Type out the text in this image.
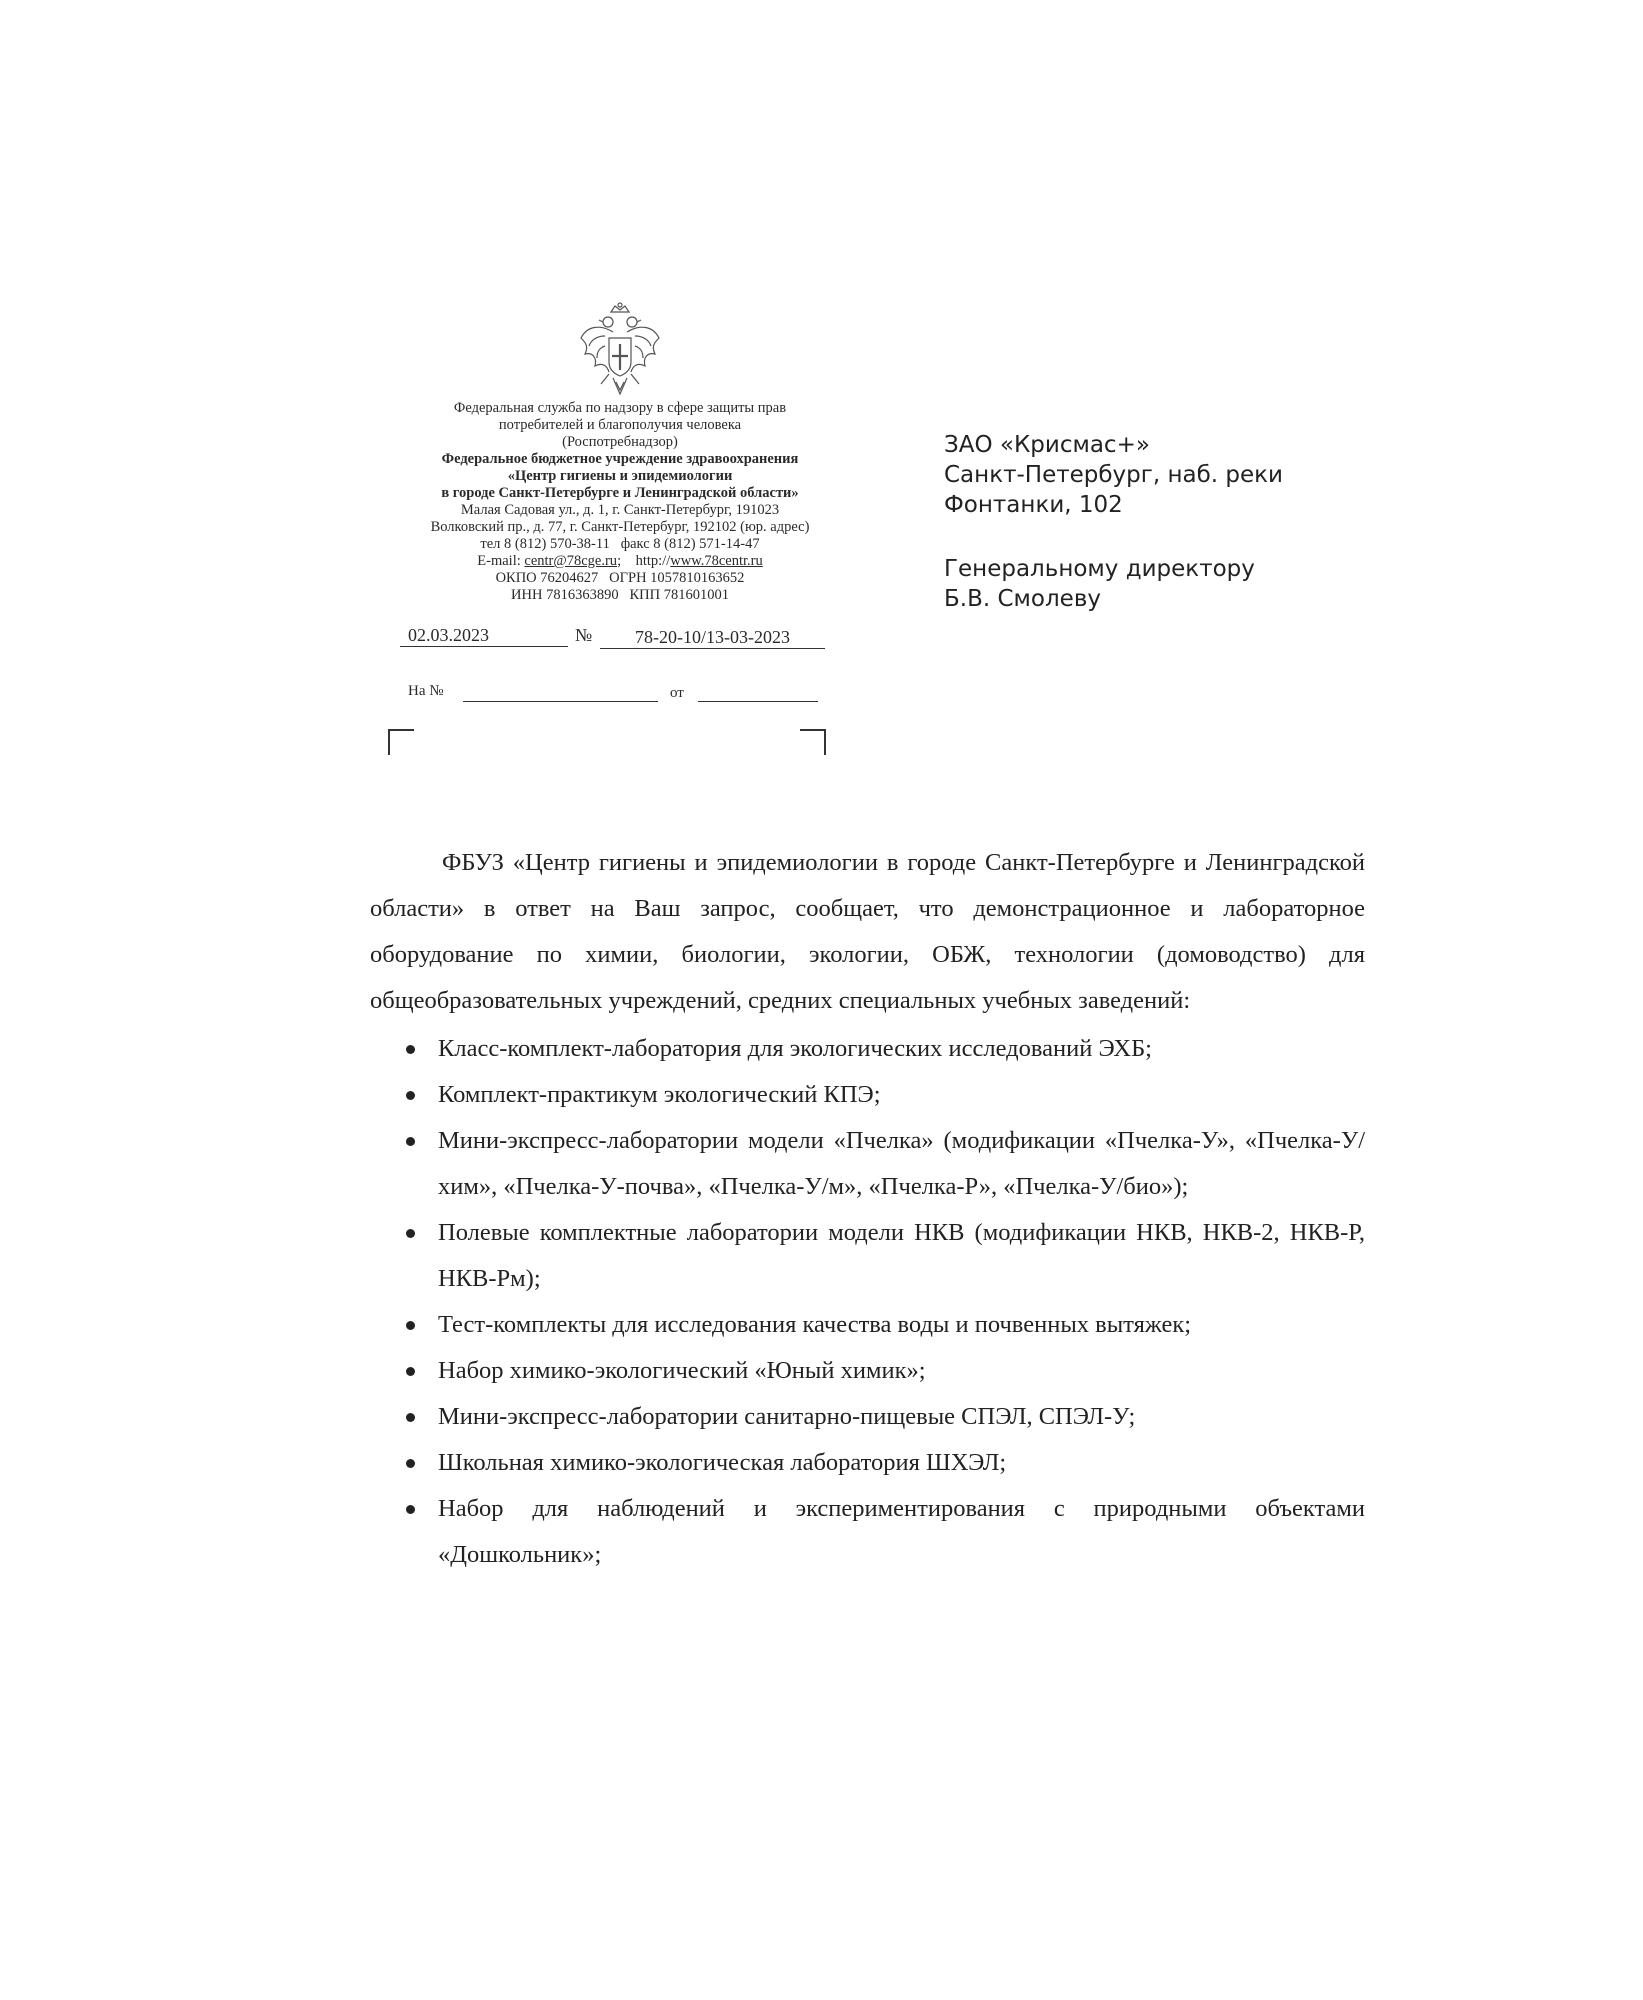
Федеральная служба по надзору в сфере защиты прав
потребителей и благополучия человека
(Роспотребнадзор)
Федеральное бюджетное учреждение здравоохранения
«Центр гигиены и эпидемиологии
в городе Санкт-Петербурге и Ленинградской области»
Малая Садовая ул., д. 1, г. Санкт-Петербург, 191023
Волковский пр., д. 77, г. Санкт-Петербург, 192102 (юр. адрес)
тел 8 (812) 570-38-11 факс 8 (812) 571-14-47
E-mail: centr@78cge.ru; http://www.78centr.ru
ОКПО 76204627 ОГРН 1057810163652
ИНН 7816363890 КПП 781601001
02.03.2023	№	78-20-10/13-03-2023
На №	от
ЗАО «Крисмас+»
Санкт-Петербург, наб. реки
Фонтанки, 102
Генеральному директору
Б.В. Смолеву

ФБУЗ «Центр гигиены и эпидемиологии в городе Санкт-Петербурге и Ленинградской области» в ответ на Ваш запрос, сообщает, что демонстрационное и лабораторное оборудование по химии, биологии, экологии, ОБЖ, технологии (домоводство) для общеобразовательных учреждений, средних специальных учебных заведений:

Класс-комплект-лаборатория для экологических исследований ЭХБ;
Комплект-практикум экологический КПЭ;
Мини-экспресс-лаборатории модели «Пчелка» (модификации «Пчелка-У», «Пчелка-У/хим», «Пчелка-У-почва», «Пчелка-У/м», «Пчелка-Р», «Пчелка-У/био»);
Полевые комплектные лаборатории модели НКВ (модификации НКВ, НКВ-2, НКВ-Р, НКВ-Рм);
Тест-комплекты для исследования качества воды и почвенных вытяжек;
Набор химико-экологический «Юный химик»;
Мини-экспресс-лаборатории санитарно-пищевые СПЭЛ, СПЭЛ-У;
Школьная химико-экологическая лаборатория ШХЭЛ;
Набор для наблюдений и экспериментирования с природными объектами «Дошкольник»;
